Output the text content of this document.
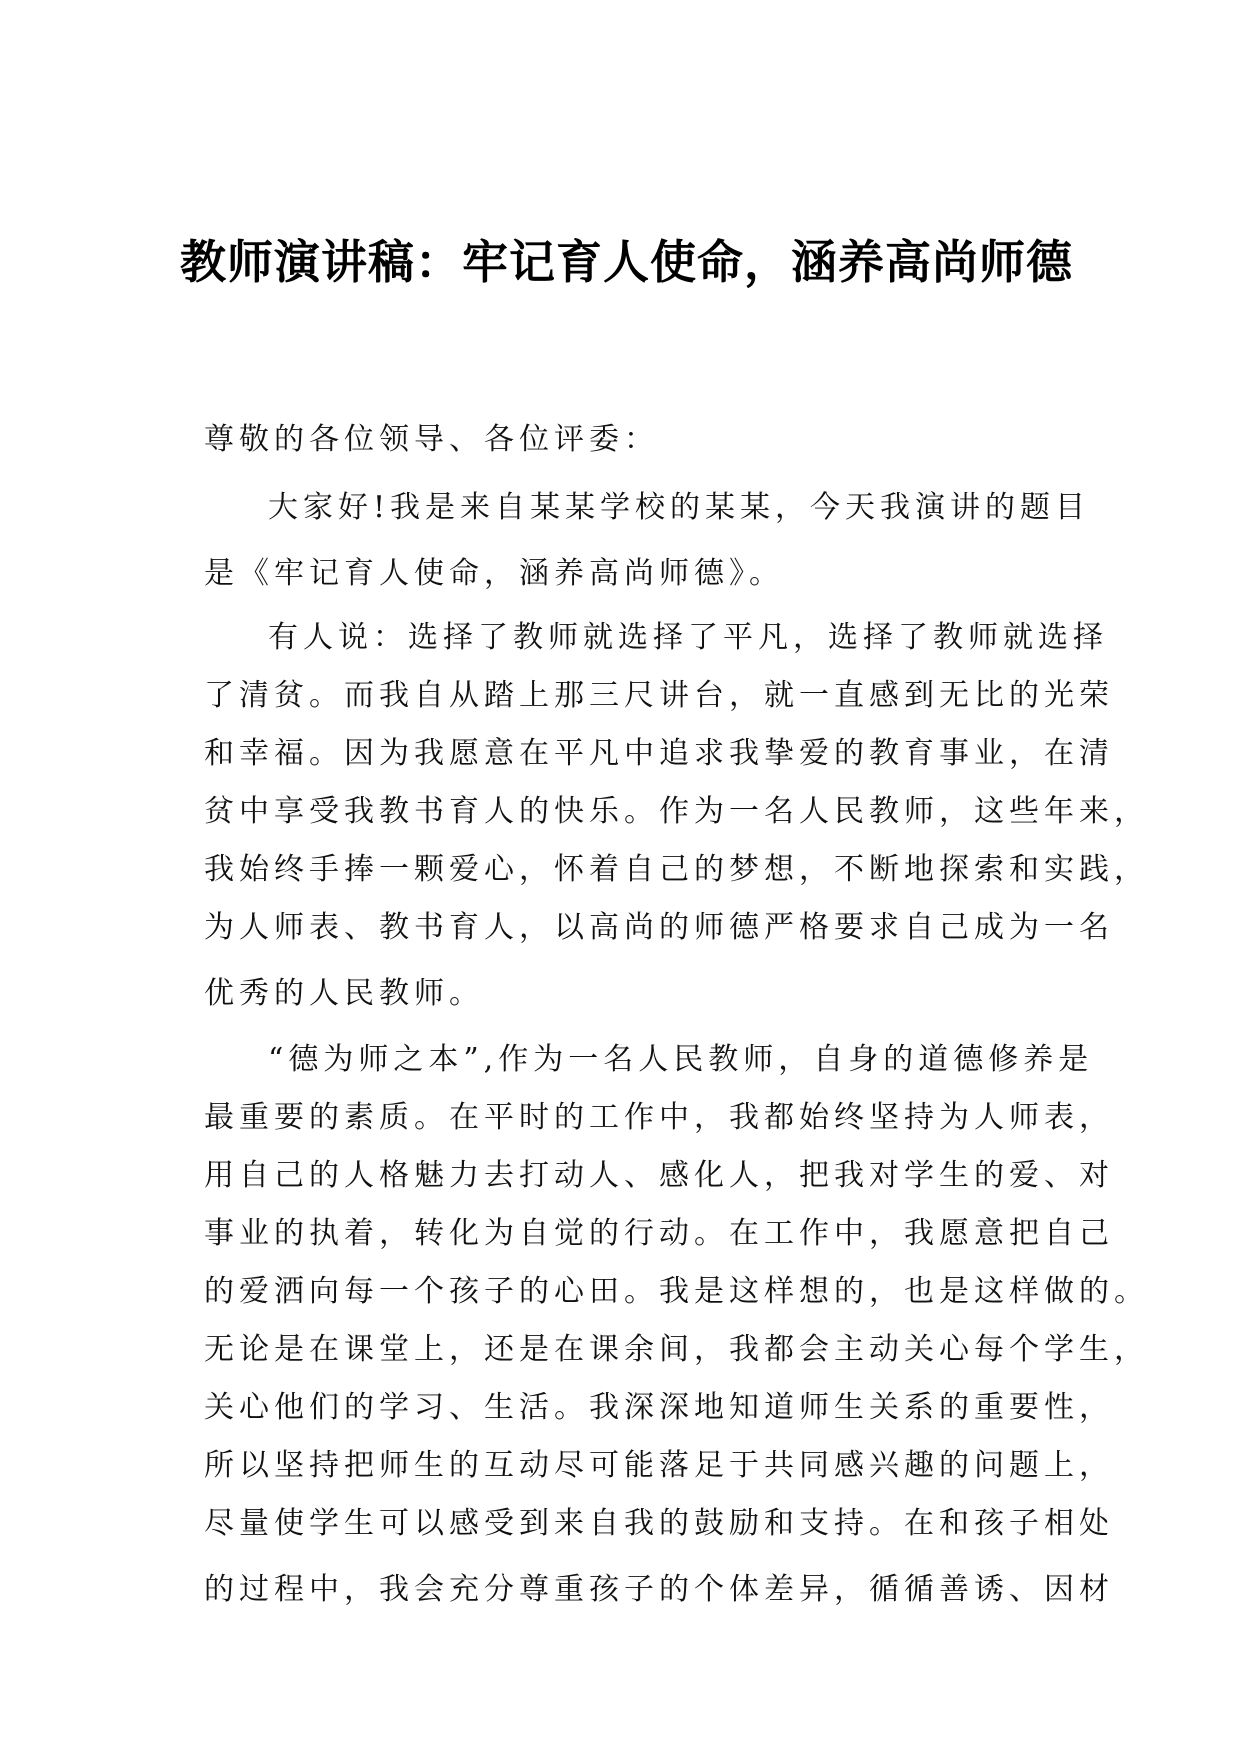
教师演讲稿：牢记育人使命，涵养高尚师德
尊敬的各位领导、各位评委：
大家好!我是来自某某学校的某某，今天我演讲的题目
是《牢记育人使命，涵养高尚师德》。
有人说：选择了教师就选择了平凡，选择了教师就选择
了清贫。而我自从踏上那三尺讲台，就一直感到无比的光荣
和幸福。因为我愿意在平凡中追求我挚爱的教育事业，在清
贫中享受我教书育人的快乐。作为一名人民教师，这些年来，
我始终手捧一颗爱心，怀着自己的梦想，不断地探索和实践，
为人师表、教书育人，以高尚的师德严格要求自己成为一名
优秀的人民教师。
“德为师之本”,作为一名人民教师，自身的道德修养是
最重要的素质。在平时的工作中，我都始终坚持为人师表，
用自己的人格魅力去打动人、感化人，把我对学生的爱、对
事业的执着，转化为自觉的行动。在工作中，我愿意把自己
的爱洒向每一个孩子的心田。我是这样想的，也是这样做的。
无论是在课堂上，还是在课余间，我都会主动关心每个学生，
关心他们的学习、生活。我深深地知道师生关系的重要性，
所以坚持把师生的互动尽可能落足于共同感兴趣的问题上，
尽量使学生可以感受到来自我的鼓励和支持。在和孩子相处
的过程中，我会充分尊重孩子的个体差异，循循善诱、因材
